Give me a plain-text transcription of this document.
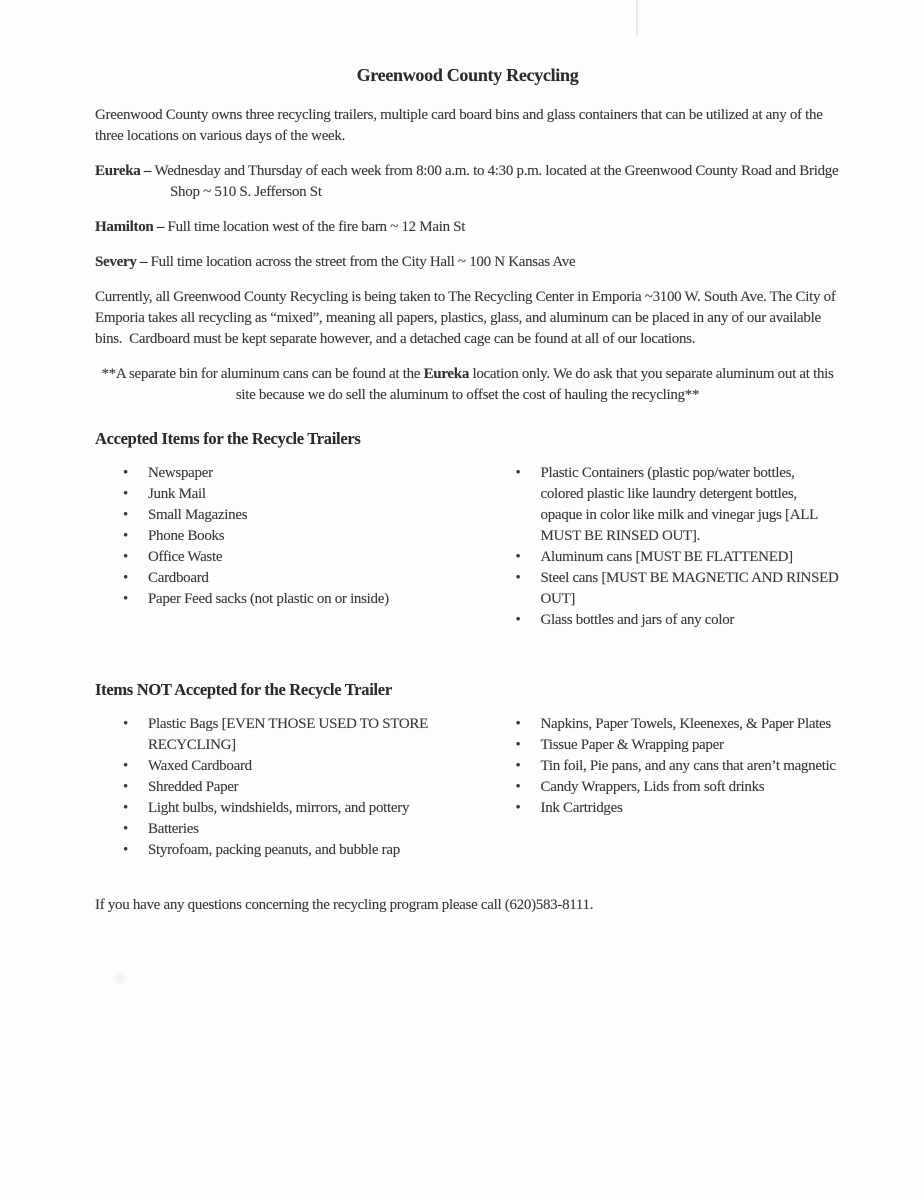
Greenwood County Recycling

Greenwood County owns three recycling trailers, multiple card board bins and glass containers that can be utilized at any of the three locations on various days of the week.

Eureka – Wednesday and Thursday of each week from 8:00 a.m. to 4:30 p.m. located at the Greenwood County Road and Bridge Shop ~ 510 S. Jefferson St

Hamilton – Full time location west of the fire barn ~ 12 Main St

Severy – Full time location across the street from the City Hall ~ 100 N Kansas Ave

Currently, all Greenwood County Recycling is being taken to The Recycling Center in Emporia ~3100 W. South Ave. The City of Emporia takes all recycling as “mixed”, meaning all papers, plastics, glass, and aluminum can be placed in any of our available bins.  Cardboard must be kept separate however, and a detached cage can be found at all of our locations.

**A separate bin for aluminum cans can be found at the Eureka location only. We do ask that you separate aluminum out at this site because we do sell the aluminum to offset the cost of hauling the recycling**

Accepted Items for the Recycle Trailers
• Newspaper
• Junk Mail
• Small Magazines
• Phone Books
• Office Waste
• Cardboard
• Paper Feed sacks (not plastic on or inside)
• Plastic Containers (plastic pop/water bottles, colored plastic like laundry detergent bottles, opaque in color like milk and vinegar jugs [ALL MUST BE RINSED OUT].
• Aluminum cans [MUST BE FLATTENED]
• Steel cans [MUST BE MAGNETIC AND RINSED OUT]
• Glass bottles and jars of any color
Items NOT Accepted for the Recycle Trailer
• Plastic Bags [EVEN THOSE USED TO STORE RECYCLING]
• Waxed Cardboard
• Shredded Paper
• Light bulbs, windshields, mirrors, and pottery
• Batteries
• Styrofoam, packing peanuts, and bubble rap
• Napkins, Paper Towels, Kleenexes, & Paper Plates
• Tissue Paper & Wrapping paper
• Tin foil, Pie pans, and any cans that aren’t magnetic
• Candy Wrappers, Lids from soft drinks
• Ink Cartridges

If you have any questions concerning the recycling program please call (620)583-8111.
